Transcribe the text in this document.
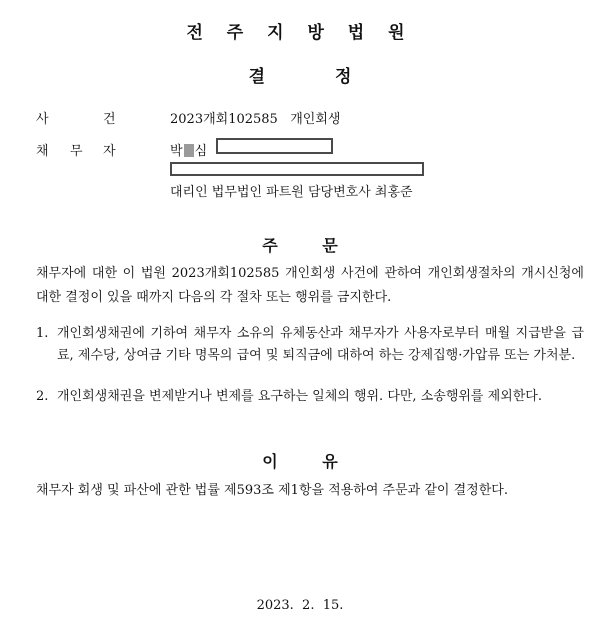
전 주 지 방 법 원
결	정
사	건	2023개회102585   개인회생
채 무 자	박 심
대리인 법무법인 파트원 담당변호사 최홍준
주        문
채무자에 대한 이 법원 2023개회102585 개인회생 사건에 관하여 개인회생절차의 개시신청에 대한 결정이 있을 때까지 다음의 각 절차 또는 행위를 금지한다.
1. 개인회생채권에 기하여 채무자 소유의 유체동산과 채무자가 사용자로부터 매월 지급받을 급료, 제수당, 상여금 기타 명목의 급여 및 퇴직금에 대하여 하는 강제집행·가압류 또는 가처분.
2. 개인회생채권을 변제받거나 변제를 요구하는 일체의 행위. 다만, 소송행위를 제외한다.
이        유
채무자 회생 및 파산에 관한 법률 제593조 제1항을 적용하여 주문과 같이 결정한다.
2023.  2.  15.
